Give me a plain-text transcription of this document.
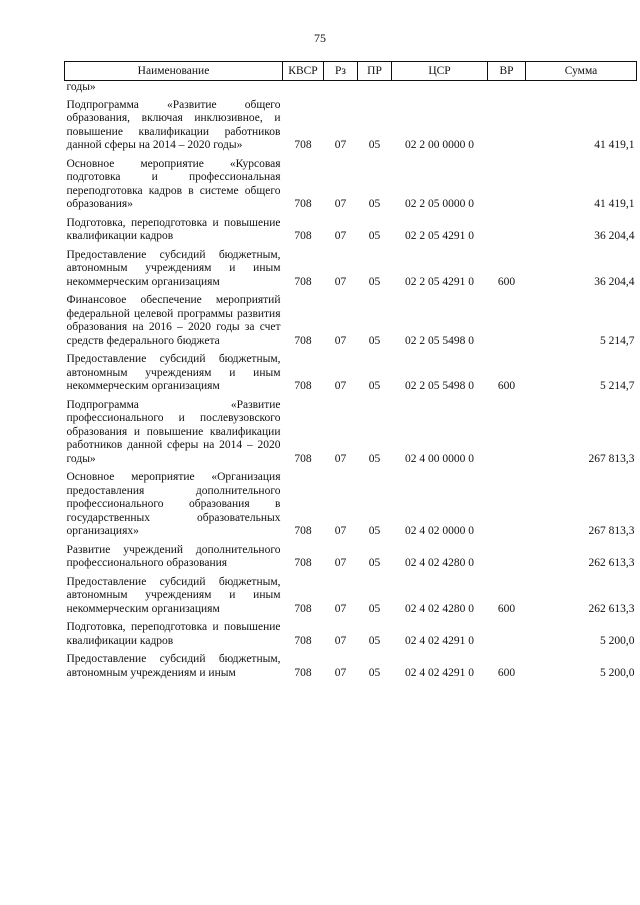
75
Наименование	КВСР	Рз	ПР	ЦСР	ВР	Сумма
годы»						
Подпрограмма «Развитие общего образования, включая инклюзивное, и повышение квалификации работников данной сферы на 2014 – 2020 годы»	708	07	05	02 2 00 0000 0		41 419,1
Основное мероприятие «Курсовая подготовка и профессиональная переподготовка кадров в системе общего образования»	708	07	05	02 2 05 0000 0		41 419,1
Подготовка, переподготовка и повышение квалификации кадров	708	07	05	02 2 05 4291 0		36 204,4
Предоставление субсидий бюджетным, автономным учреждениям и иным некоммерческим организациям	708	07	05	02 2 05 4291 0	600	36 204,4
Финансовое обеспечение мероприятий федеральной целевой программы развития образования на 2016 – 2020 годы за счет средств федерального бюджета	708	07	05	02 2 05 5498 0		5 214,7
Предоставление субсидий бюджетным, автономным учреждениям и иным некоммерческим организациям	708	07	05	02 2 05 5498 0	600	5 214,7
Подпрограмма «Развитие профессионального и послевузовского образования и повышение квалификации работников данной сферы на 2014 – 2020 годы»	708	07	05	02 4 00 0000 0		267 813,3
Основное мероприятие «Организация предоставления дополнительного профессионального образования в государственных образовательных организациях»	708	07	05	02 4 02 0000 0		267 813,3
Развитие учреждений дополнительного профессионального образования	708	07	05	02 4 02 4280 0		262 613,3
Предоставление субсидий бюджетным, автономным учреждениям и иным некоммерческим организациям	708	07	05	02 4 02 4280 0	600	262 613,3
Подготовка, переподготовка и повышение квалификации кадров	708	07	05	02 4 02 4291 0		5 200,0
Предоставление субсидий бюджетным, автономным учреждениям и иным	708	07	05	02 4 02 4291 0	600	5 200,0
